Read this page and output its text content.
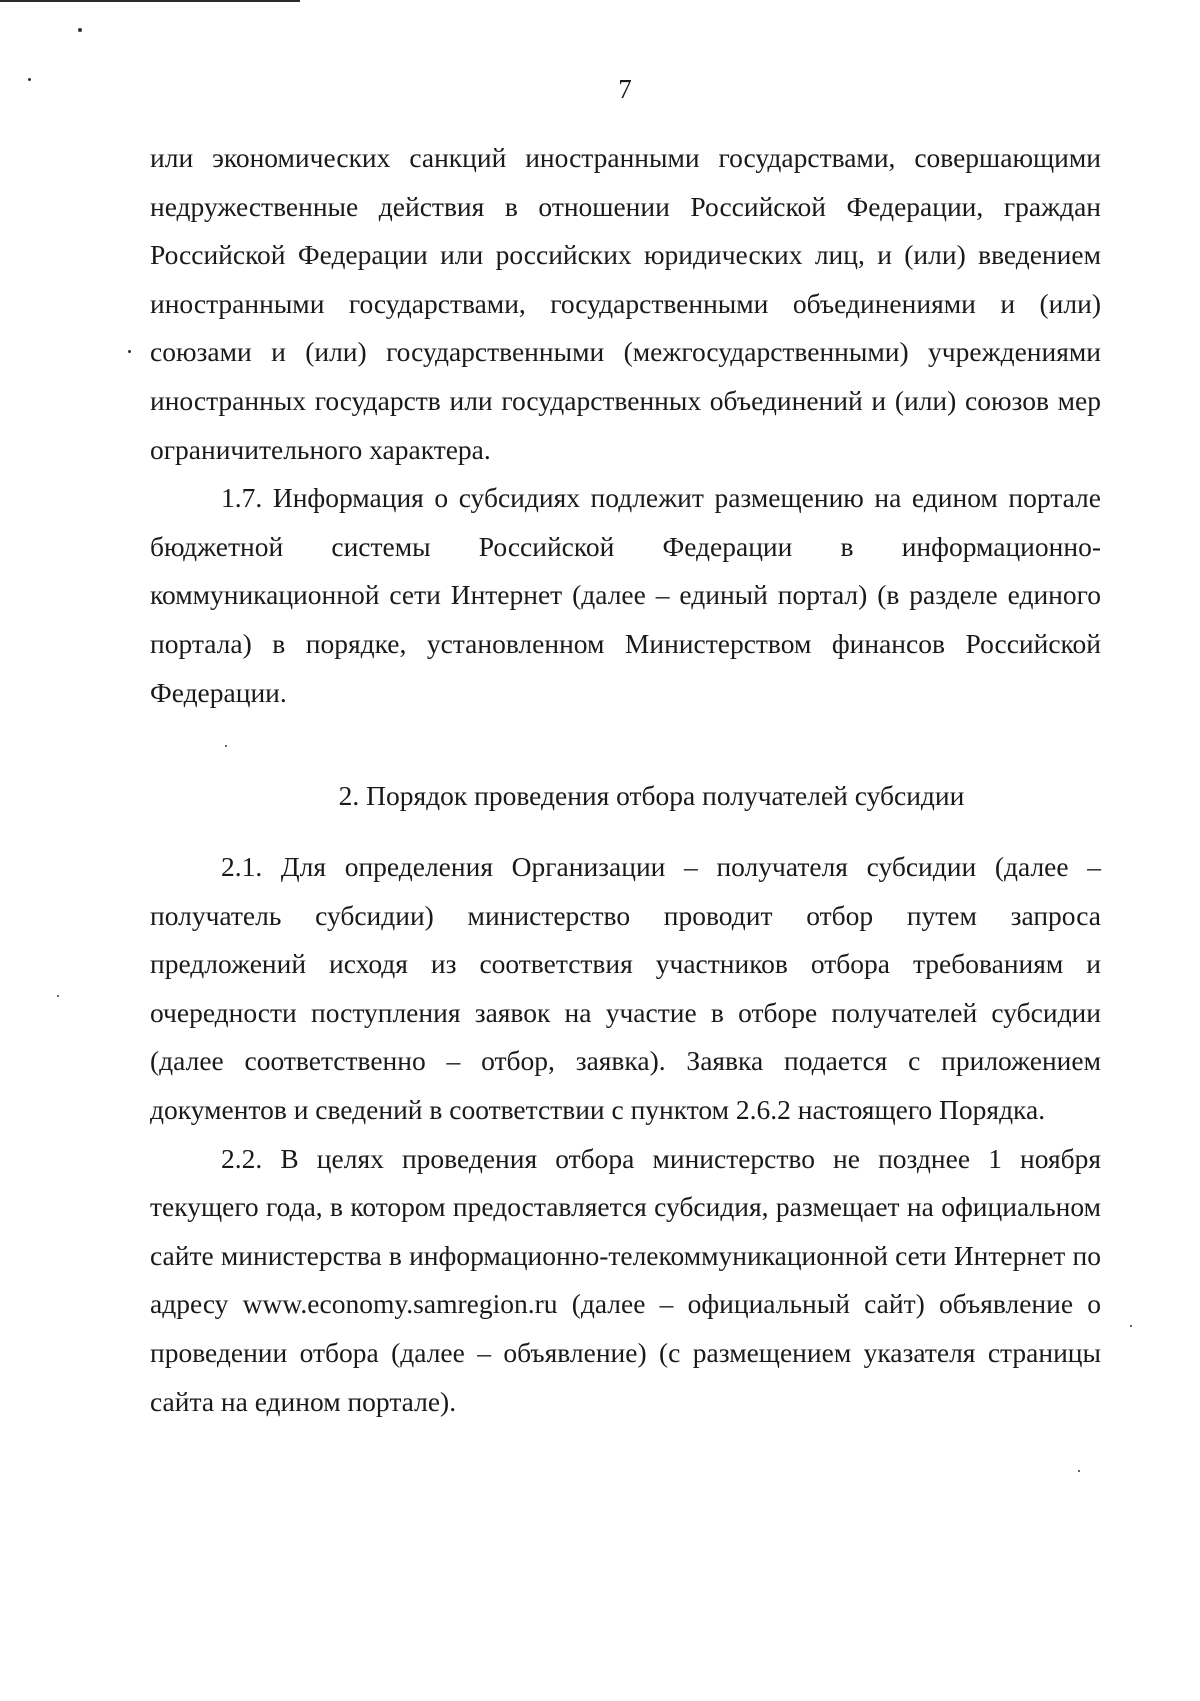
7

или экономических санкций иностранными государствами, совершающими недружественные действия в отношении Российской Федерации, граждан Российской Федерации или российских юридических лиц, и (или) введением иностранными государствами, государственными объединениями и (или) союзами и (или) государственными (межгосударственными) учреждениями иностранных государств или государственных объединений и (или) союзов мер ограничительного характера.

1.7. Информация о субсидиях подлежит размещению на едином портале бюджетной системы Российской Федерации в информационно-коммуникационной сети Интернет (далее – единый портал) (в разделе единого портала) в порядке, установленном Министерством финансов Российской Федерации.

2. Порядок проведения отбора получателей субсидии

2.1. Для определения Организации – получателя субсидии (далее – получатель субсидии) министерство проводит отбор путем запроса предложений исходя из соответствия участников отбора требованиям и очередности поступления заявок на участие в отборе получателей субсидии (далее соответственно – отбор, заявка). Заявка подается с приложением документов и сведений в соответствии с пунктом 2.6.2 настоящего Порядка.

2.2. В целях проведения отбора министерство не позднее 1 ноября текущего года, в котором предоставляется субсидия, размещает на официальном сайте министерства в информационно-телекоммуникационной сети Интернет по адресу www.economy.samregion.ru (далее – официальный сайт) объявление о проведении отбора (далее – объявление) (с размещением указателя страницы сайта на едином портале).
